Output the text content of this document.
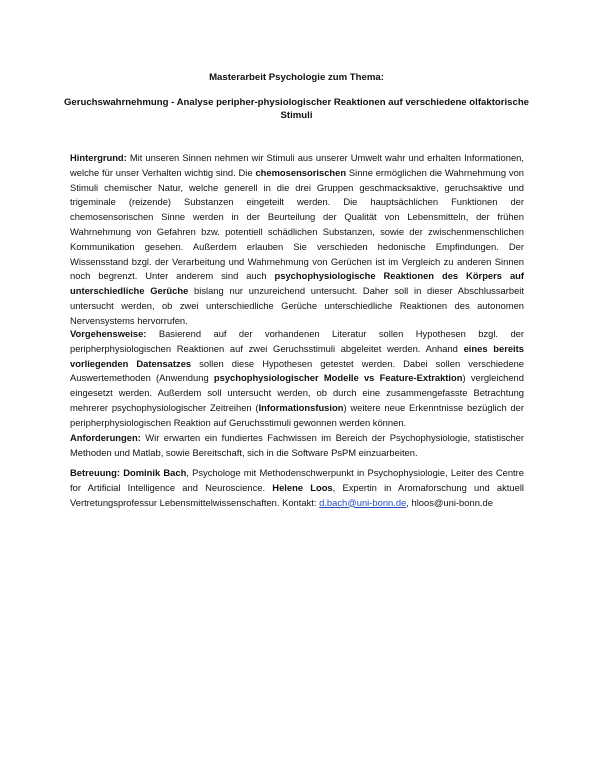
Masterarbeit Psychologie zum Thema:
Geruchswahrnehmung - Analyse peripher-physiologischer Reaktionen auf verschiedene olfaktorische Stimuli

Hintergrund: Mit unseren Sinnen nehmen wir Stimuli aus unserer Umwelt wahr und erhalten Informationen, welche für unser Verhalten wichtig sind. Die chemosensorischen Sinne ermöglichen die Wahrnehmung von Stimuli chemischer Natur, welche generell in die drei Gruppen geschmacksaktive, geruchsaktive und trigeminale (reizende) Substanzen eingeteilt werden. Die hauptsächlichen Funktionen der chemosensorischen Sinne werden in der Beurteilung der Qualität von Lebensmitteln, der frühen Wahrnehmung von Gefahren bzw. potentiell schädlichen Substanzen, sowie der zwischenmenschlichen Kommunikation gesehen. Außerdem erlauben Sie verschieden hedonische Empfindungen. Der Wissensstand bzgl. der Verarbeitung und Wahrnehmung von Gerüchen ist im Vergleich zu anderen Sinnen noch begrenzt. Unter anderem sind auch psychophysiologische Reaktionen des Körpers auf unterschiedliche Gerüche bislang nur unzureichend untersucht. Daher soll in dieser Abschlussarbeit untersucht werden, ob zwei unterschiedliche Gerüche unterschiedliche Reaktionen des autonomen Nervensystems hervorrufen.

Vorgehensweise: Basierend auf der vorhandenen Literatur sollen Hypothesen bzgl. der peripherphysiologischen Reaktionen auf zwei Geruchsstimuli abgeleitet werden. Anhand eines bereits vorliegenden Datensatzes sollen diese Hypothesen getestet werden. Dabei sollen verschiedene Auswertemethoden (Anwendung psychophysiologischer Modelle vs Feature-Extraktion) vergleichend eingesetzt werden. Außerdem soll untersucht werden, ob durch eine zusammengefasste Betrachtung mehrerer psychophysiologischer Zeitreihen (Informationsfusion) weitere neue Erkenntnisse bezüglich der peripherphysiologischen Reaktion auf Geruchsstimuli gewonnen werden können.

Anforderungen: Wir erwarten ein fundiertes Fachwissen im Bereich der Psychophysiologie, statistischer Methoden und Matlab, sowie Bereitschaft, sich in die Software PsPM einzuarbeiten.

Betreuung: Dominik Bach, Psychologe mit Methodenschwerpunkt in Psychophysiologie, Leiter des Centre for Artificial Intelligence and Neuroscience. Helene Loos, Expertin in Aromaforschung und aktuell Vertretungsprofessur Lebensmittelwissenschaften. Kontakt: d.bach@uni-bonn.de, hloos@uni-bonn.de
